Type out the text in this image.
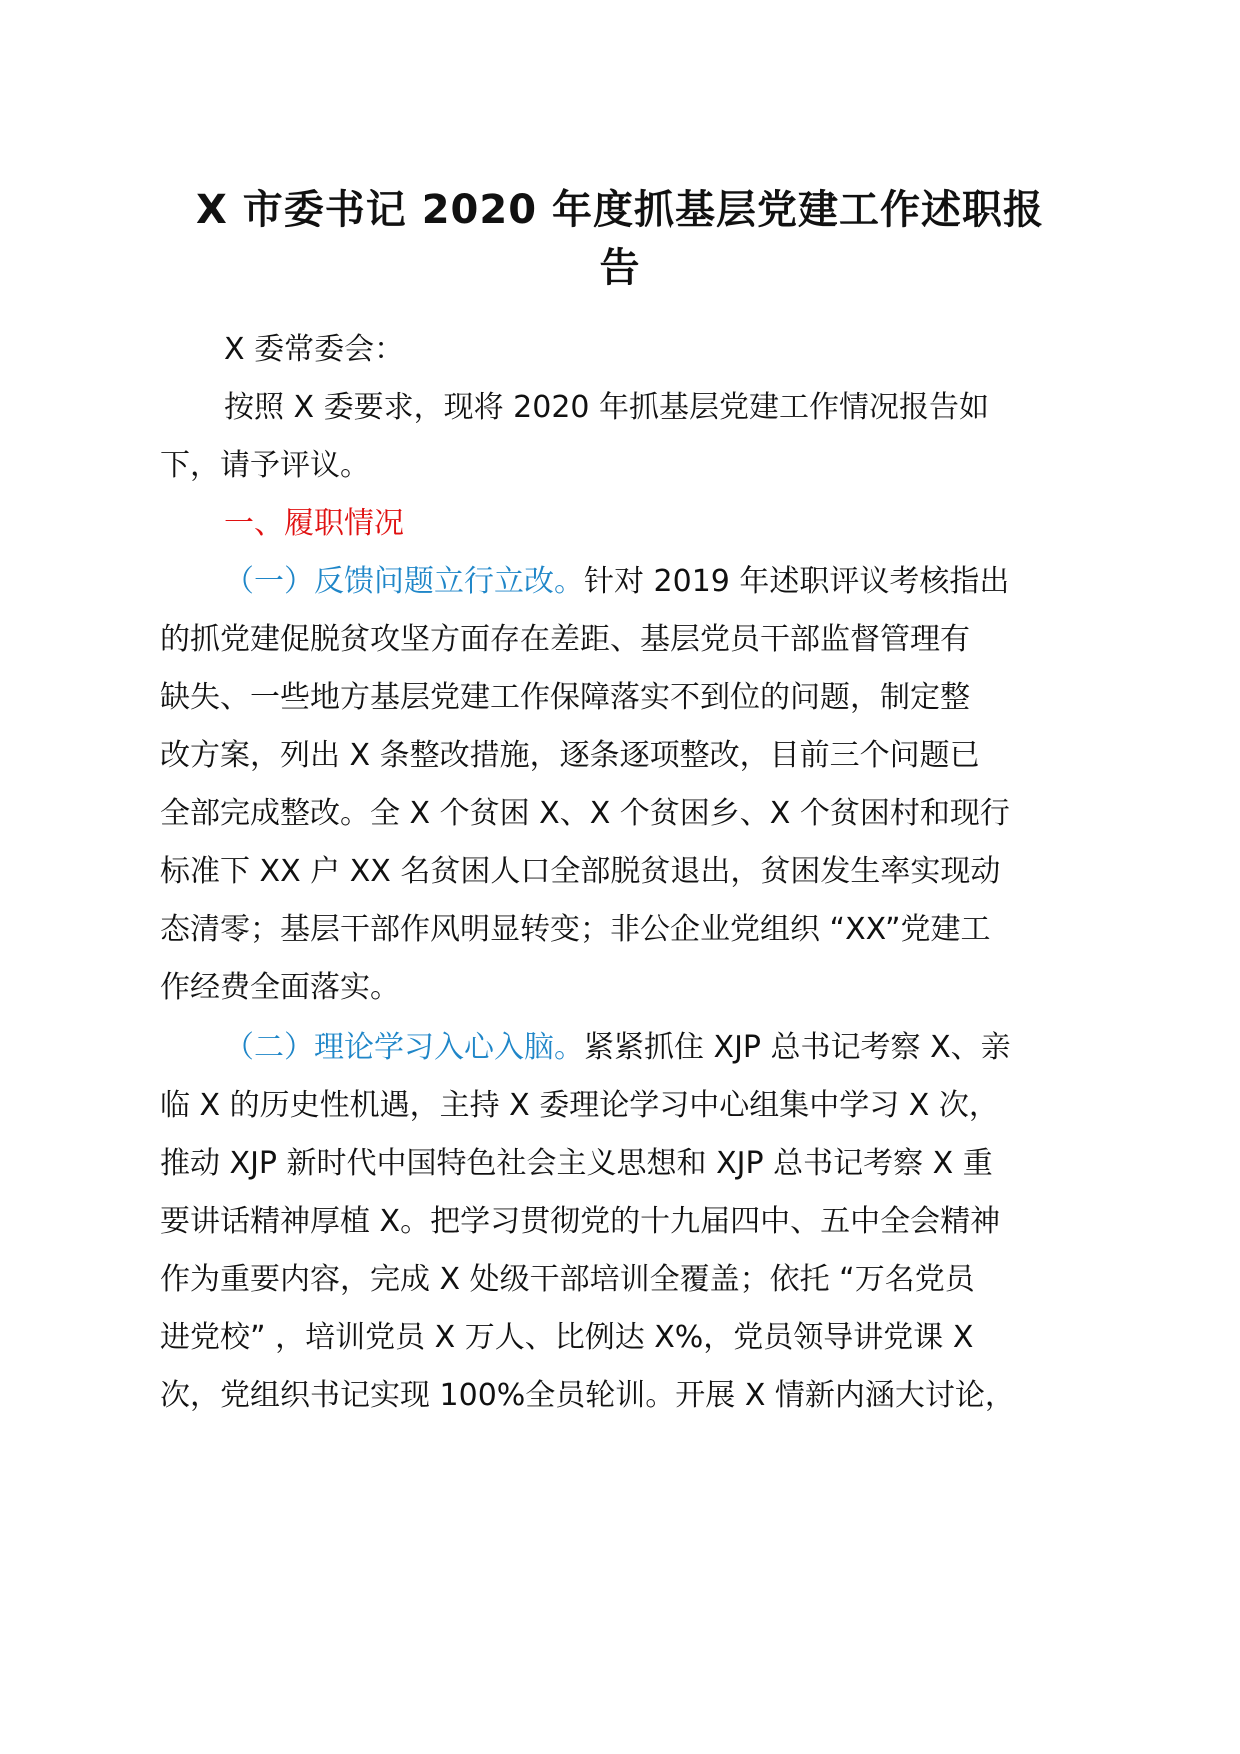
X 市委书记 2020 年度抓基层党建工作述职报
告
X 委常委会：
按照 X 委要求，现将 2020 年抓基层党建工作情况报告如
下，请予评议。
一、履职情况
（一）反馈问题立行立改。针对 2019 年述职评议考核指出
的抓党建促脱贫攻坚方面存在差距、基层党员干部监督管理有
缺失、一些地方基层党建工作保障落实不到位的问题，制定整
改方案，列出 X 条整改措施，逐条逐项整改，目前三个问题已
全部完成整改。全 X 个贫困 X、X 个贫困乡、X 个贫困村和现行
标准下 XX 户 XX 名贫困人口全部脱贫退出，贫困发生率实现动
态清零；基层干部作风明显转变；非公企业党组织 “XX”党建工
作经费全面落实。
（二）理论学习入心入脑。紧紧抓住 XJP 总书记考察 X、亲
临 X 的历史性机遇，主持 X 委理论学习中心组集中学习 X 次，
推动 XJP 新时代中国特色社会主义思想和 XJP 总书记考察 X 重
要讲话精神厚植 X。把学习贯彻党的十九届四中、五中全会精神
作为重要内容，完成 X 处级干部培训全覆盖；依托 “万名党员
进党校” ，培训党员 X 万人、比例达 X%，党员领导讲党课 X
次，党组织书记实现 100%全员轮训。开展 X 情新内涵大讨论，
